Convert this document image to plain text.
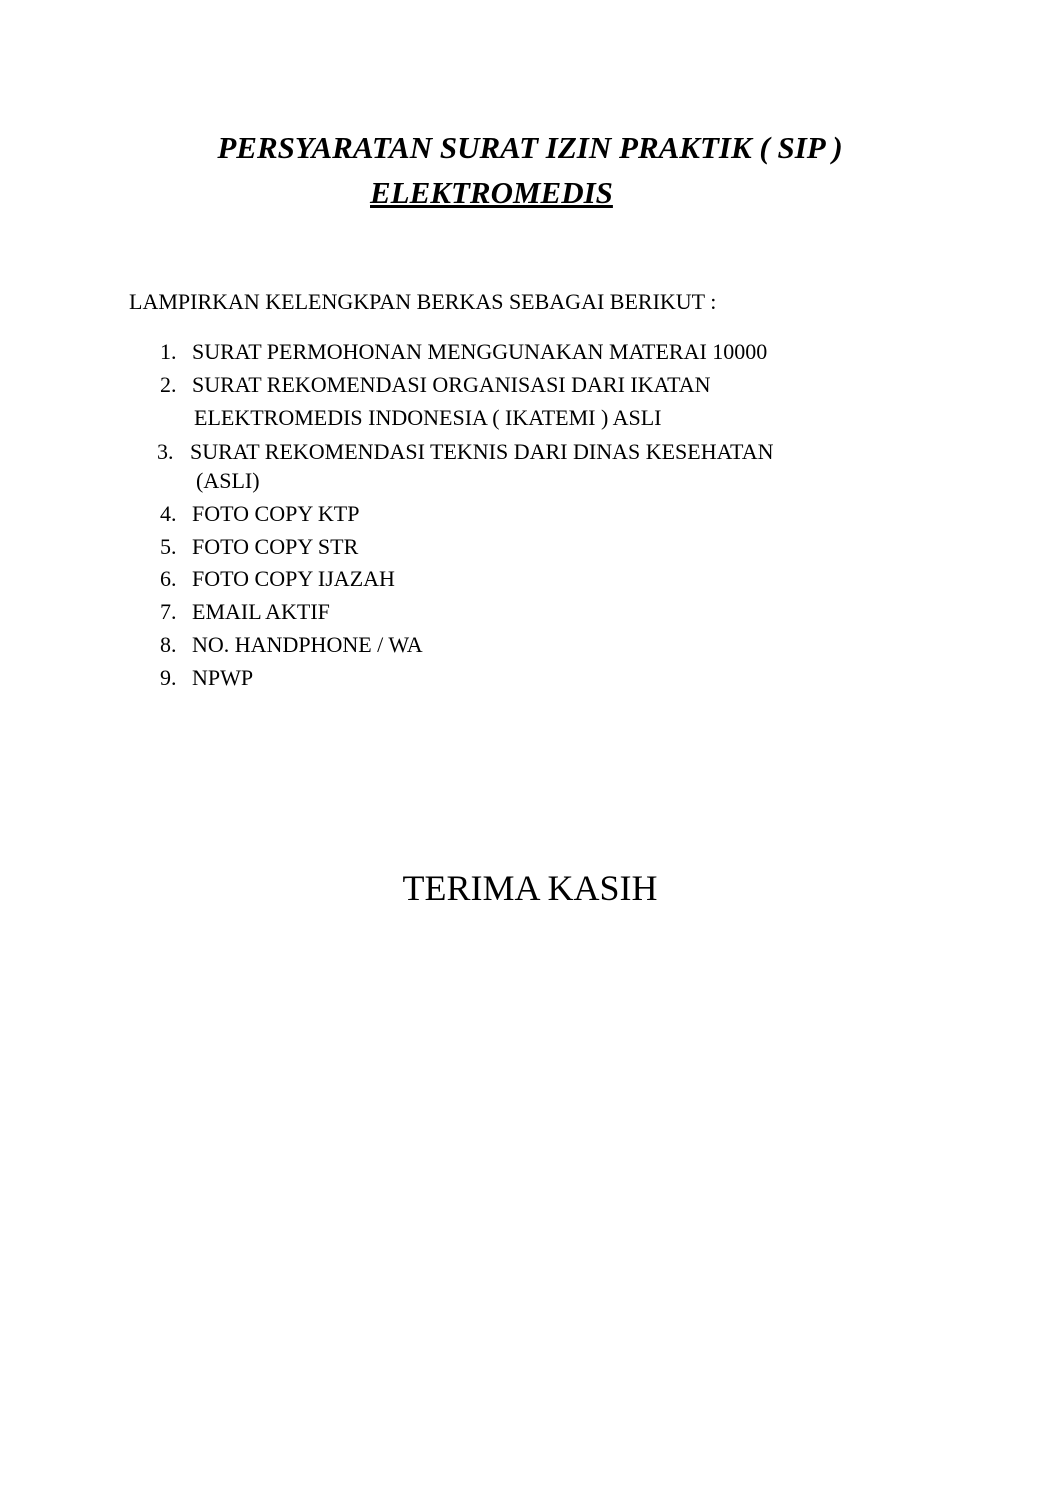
PERSYARATAN SURAT IZIN PRAKTIK ( SIP )
ELEKTROMEDIS
LAMPIRKAN KELENGKPAN BERKAS SEBAGAI BERIKUT :
1. SURAT PERMOHONAN MENGGUNAKAN MATERAI 10000
2. SURAT REKOMENDASI ORGANISASI DARI IKATAN
ELEKTROMEDIS INDONESIA ( IKATEMI ) ASLI
3. SURAT REKOMENDASI TEKNIS DARI DINAS KESEHATAN
(ASLI)
4. FOTO COPY KTP
5. FOTO COPY STR
6. FOTO COPY IJAZAH
7. EMAIL AKTIF
8. NO. HANDPHONE / WA
9. NPWP
TERIMA KASIH
